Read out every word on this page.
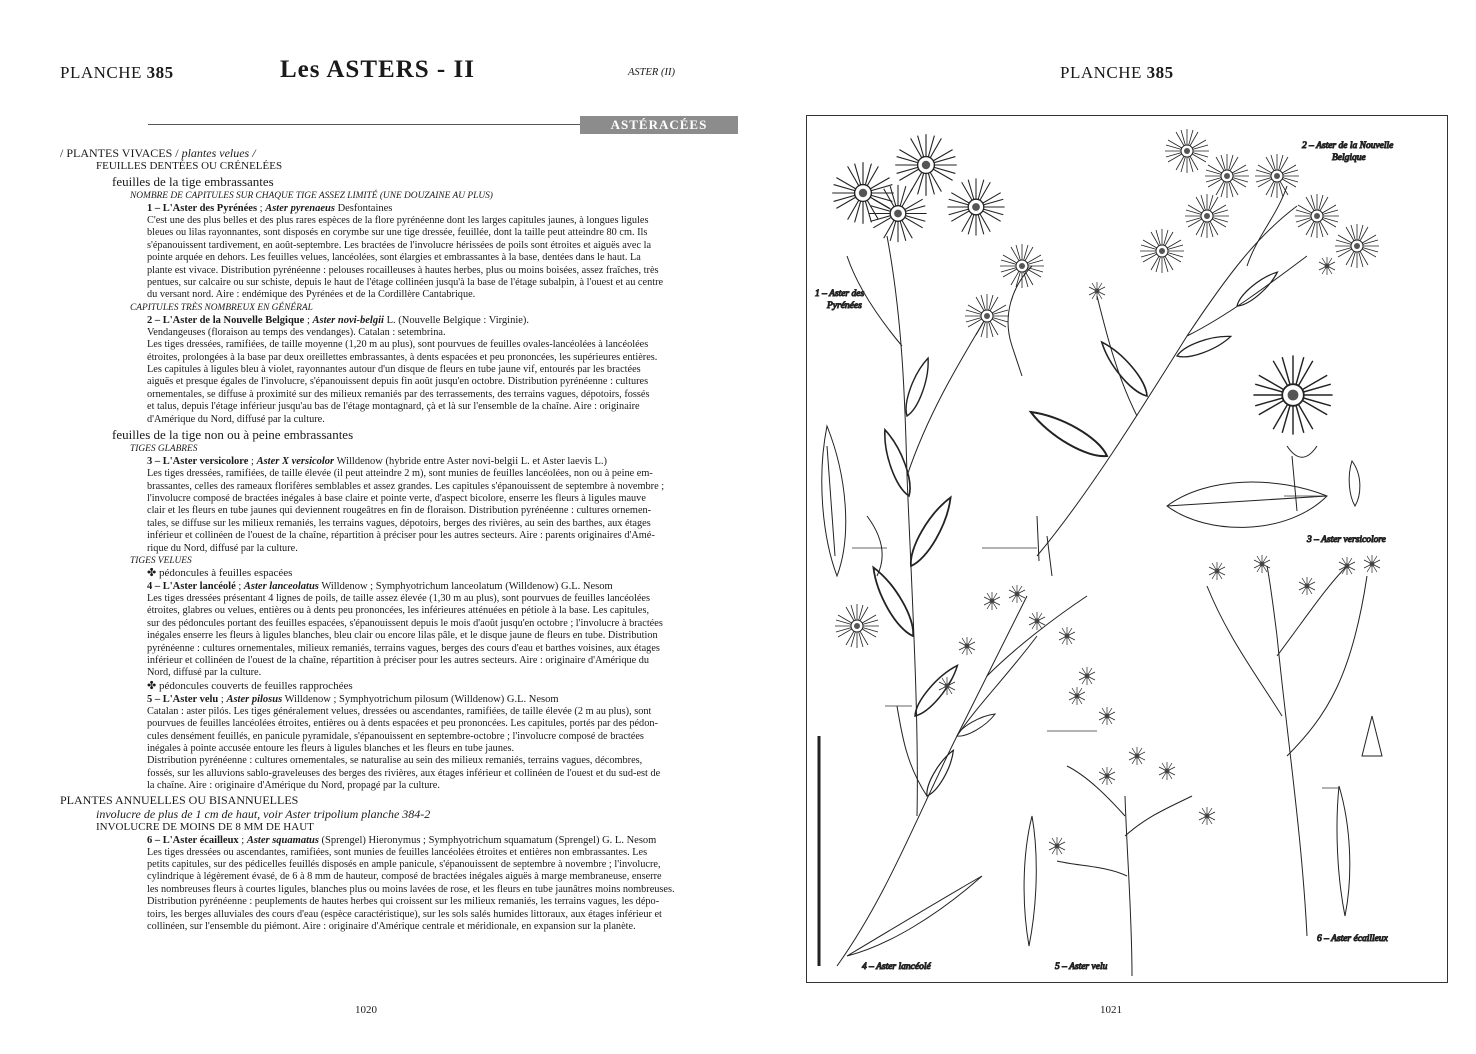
PLANCHE 385	Les ASTERS - II	ASTER (II)
ASTÉRACÉES
/ PLANTES VIVACES / plantes velues /
FEUILLES DENTÉES OU CRÉNELÉES
feuilles de la tige embrassantes
NOMBRE DE CAPITULES SUR CHAQUE TIGE ASSEZ LIMITÉ (UNE DOUZAINE AU PLUS)
1 – L'Aster des Pyrénées ; Aster pyrenaeus Desfontaines

C'est une des plus belles et des plus rares espèces de la flore pyrénéenne dont les larges capitules jaunes, à longues ligules

bleues ou lilas rayonnantes, sont disposés en corymbe sur une tige dressée, feuillée, dont la taille peut atteindre 80 cm. Ils

s'épanouissent tardivement, en août-septembre. Les bractées de l'involucre hérissées de poils sont étroites et aiguës avec la

pointe arquée en dehors. Les feuilles velues, lancéolées, sont élargies et embrassantes à la base, dentées dans le haut. La

plante est vivace. Distribution pyrénéenne : pelouses rocailleuses à hautes herbes, plus ou moins boisées, assez fraîches, très

pentues, sur calcaire ou sur schiste, depuis le haut de l'étage collinéen jusqu'à la base de l'étage subalpin, à l'ouest et au centre

du versant nord. Aire : endémique des Pyrénées et de la Cordillère Cantabrique.

CAPITULES TRÈS NOMBREUX EN GÉNÉRAL
2 – L'Aster de la Nouvelle Belgique ; Aster novi-belgii L. (Nouvelle Belgique : Virginie).

Vendangeuses (floraison au temps des vendanges). Catalan : setembrina.

Les tiges dressées, ramifiées, de taille moyenne (1,20 m au plus), sont pourvues de feuilles ovales-lancéolées à lancéolées

étroites, prolongées à la base par deux oreillettes embrassantes, à dents espacées et peu prononcées, les supérieures entières.

Les capitules à ligules bleu à violet, rayonnantes autour d'un disque de fleurs en tube jaune vif, entourés par les bractées

aiguës et presque égales de l'involucre, s'épanouissent depuis fin août jusqu'en octobre. Distribution pyrénéenne : cultures

ornementales, se diffuse à proximité sur des milieux remaniés par des terrassements, des terrains vagues, dépotoirs, fossés

et talus, depuis l'étage inférieur jusqu'au bas de l'étage montagnard, çà et là sur l'ensemble de la chaîne. Aire : originaire

d'Amérique du Nord, diffusé par la culture.

feuilles de la tige non ou à peine embrassantes
TIGES GLABRES
3 – L'Aster versicolore ; Aster X versicolor Willdenow (hybride entre Aster novi-belgii L. et Aster laevis L.)

Les tiges dressées, ramifiées, de taille élevée (il peut atteindre 2 m), sont munies de feuilles lancéolées, non ou à peine em-

brassantes, celles des rameaux florifères semblables et assez grandes. Les capitules s'épanouissent de septembre à novembre ;

l'involucre composé de bractées inégales à base claire et pointe verte, d'aspect bicolore, enserre les fleurs à ligules mauve

clair et les fleurs en tube jaunes qui deviennent rougeâtres en fin de floraison. Distribution pyrénéenne : cultures ornemen-

tales, se diffuse sur les milieux remaniés, les terrains vagues, dépotoirs, berges des rivières, au sein des barthes, aux étages

inférieur et collinéen de l'ouest de la chaîne, répartition à préciser pour les autres secteurs. Aire : parents originaires d'Amé-

rique du Nord, diffusé par la culture.

TIGES VELUES
✤ pédoncules à feuilles espacées
4 – L'Aster lancéolé ; Aster lanceolatus Willdenow ; Symphyotrichum lanceolatum (Willdenow) G.L. Nesom

Les tiges dressées présentant 4 lignes de poils, de taille assez élevée (1,30 m au plus), sont pourvues de feuilles lancéolées

étroites, glabres ou velues, entières ou à dents peu prononcées, les inférieures atténuées en pétiole à la base. Les capitules,

sur des pédoncules portant des feuilles espacées, s'épanouissent depuis le mois d'août jusqu'en octobre ; l'involucre à bractées

inégales enserre les fleurs à ligules blanches, bleu clair ou encore lilas pâle, et le disque jaune de fleurs en tube. Distribution

pyrénéenne : cultures ornementales, milieux remaniés, terrains vagues, berges des cours d'eau et barthes voisines, aux étages

inférieur et collinéen de l'ouest de la chaîne, répartition à préciser pour les autres secteurs. Aire : originaire d'Amérique du

Nord, diffusé par la culture.

✤ pédoncules couverts de feuilles rapprochées
5 – L'Aster velu ; Aster pilosus Willdenow ; Symphyotrichum pilosum (Willdenow) G.L. Nesom

Catalan : aster pilós. Les tiges généralement velues, dressées ou ascendantes, ramifiées, de taille élevée (2 m au plus), sont

pourvues de feuilles lancéolées étroites, entières ou à dents espacées et peu prononcées. Les capitules, portés par des pédon-

cules densément feuillés, en panicule pyramidale, s'épanouissent en septembre-octobre ; l'involucre composé de bractées

inégales à pointe accusée entoure les fleurs à ligules blanches et les fleurs en tube jaunes.

Distribution pyrénéenne : cultures ornementales, se naturalise au sein des milieux remaniés, terrains vagues, décombres,

fossés, sur les alluvions sablo-graveleuses des berges des rivières, aux étages inférieur et collinéen de l'ouest et du sud-est de

la chaîne. Aire : originaire d'Amérique du Nord, propagé par la culture.

PLANTES ANNUELLES OU BISANNUELLES
involucre de plus de 1 cm de haut, voir Aster tripolium planche 384-2
INVOLUCRE DE MOINS DE 8 MM DE HAUT
6 – L'Aster écailleux ; Aster squamatus (Sprengel) Hieronymus ; Symphyotrichum squamatum (Sprengel) G. L. Nesom

Les tiges dressées ou ascendantes, ramifiées, sont munies de feuilles lancéolées étroites et entières non embrassantes. Les

petits capitules, sur des pédicelles feuillés disposés en ample panicule, s'épanouissent de septembre à novembre ; l'involucre,

cylindrique à légèrement évasé, de 6 à 8 mm de hauteur, composé de bractées inégales aiguës à marge membraneuse, enserre

les nombreuses fleurs à courtes ligules, blanches plus ou moins lavées de rose, et les fleurs en tube jaunâtres moins nombreuses.

Distribution pyrénéenne : peuplements de hautes herbes qui croissent sur les milieux remaniés, les terrains vagues, les dépo-

toirs, les berges alluviales des cours d'eau (espèce caractéristique), sur les sols salés humides littoraux, aux étages inférieur et

collinéen, sur l'ensemble du piémont. Aire : originaire d'Amérique centrale et méridionale, en expansion sur la planète.

1020
PLANCHE 385
1021
1 – Aster des
Pyrénées
2 – Aster de la Nouvelle
Belgique
3 – Aster versicolore
4 – Aster lancéolé	5 – Aster velu
6 – Aster écailleux
